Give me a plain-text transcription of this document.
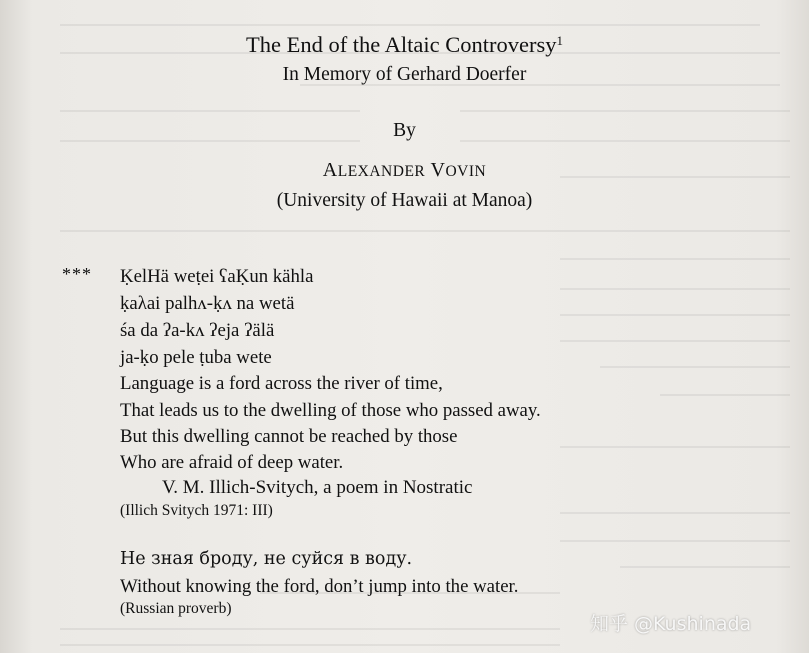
The End of the Altaic Controversy$^1$
In Memory of Gerhard Doerfer
By
ALEXANDER VOVIN
(University of Hawaii at Manoa)
*** ḲelHä weṭei ʕaḲun kähla
ḳaλai palhʌ-ḳʌ na wetä
śa da ʔa-kʌ ʔeja ʔälä
ja-ḳo pele ṭuba wete
Language is a ford across the river of time,
That leads us to the dwelling of those who passed away.
But this dwelling cannot be reached by those
Who are afraid of deep water.
V. M. Illich-Svitych, a poem in Nostratic
(Illich Svitych 1971: III)
Не зная броду, не суйся в воду.
Without knowing the ford, don’t jump into the water.
(Russian proverb)
知乎 @Kushinada
